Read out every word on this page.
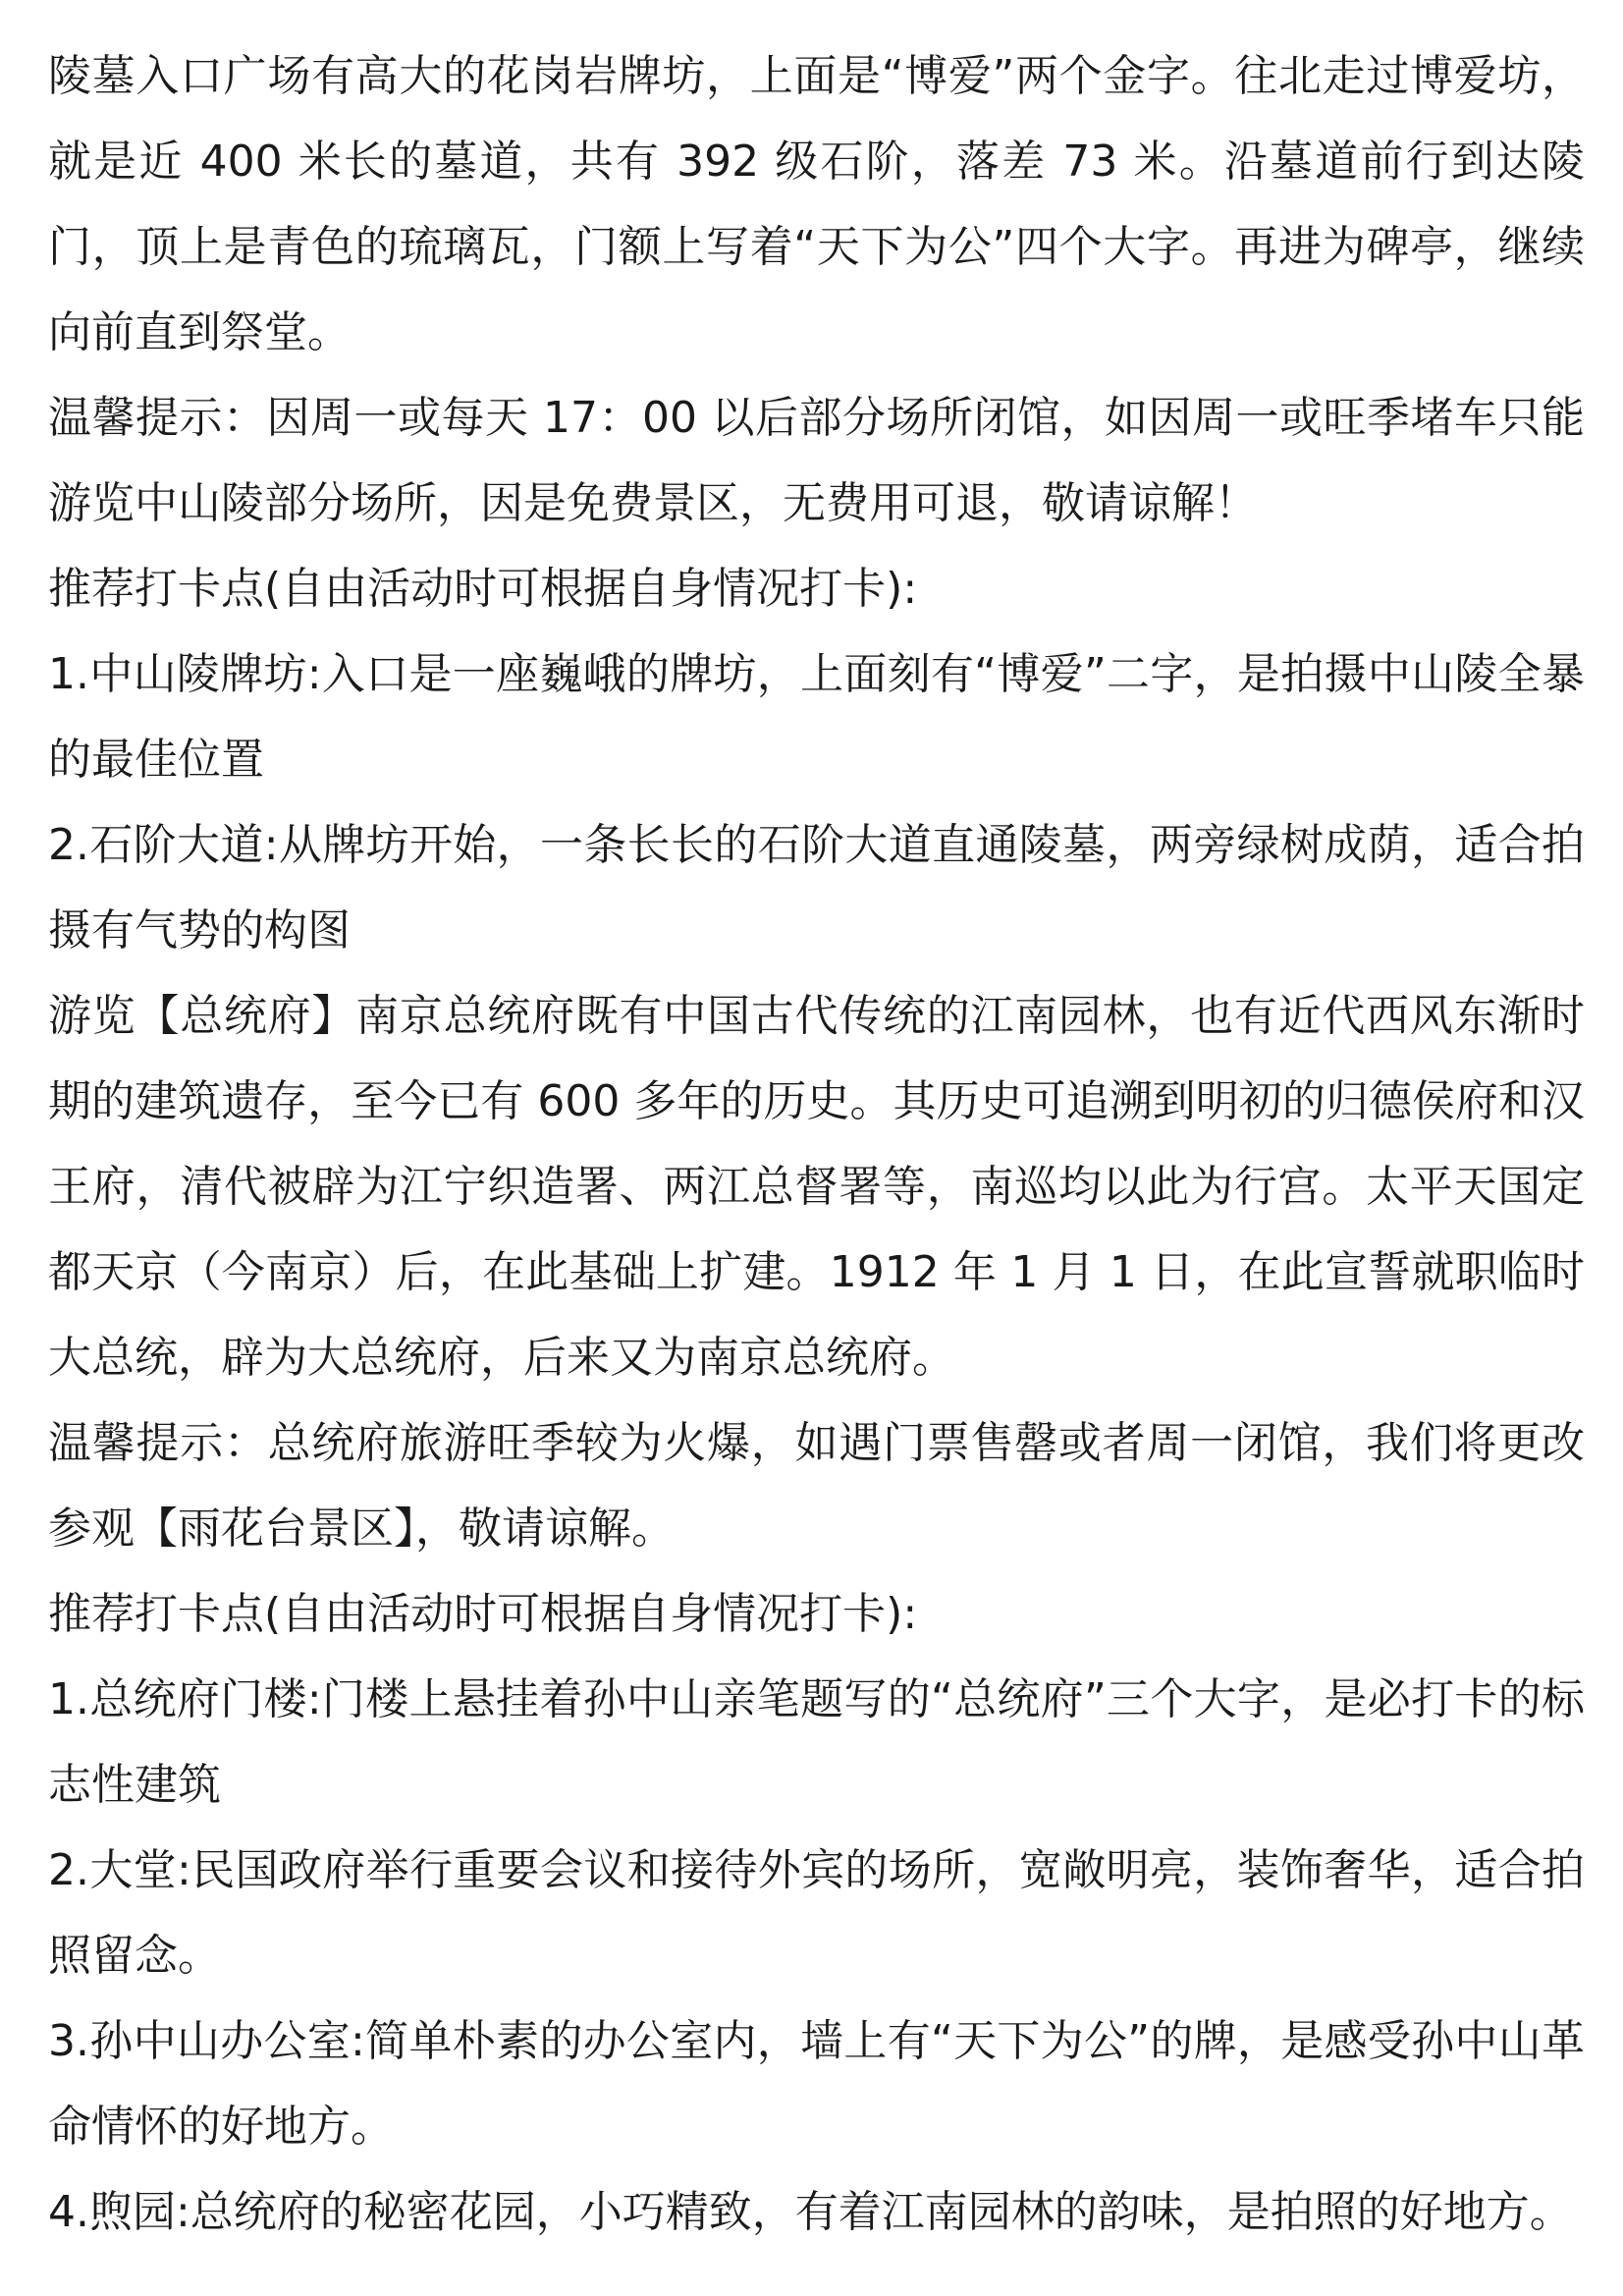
陵墓入口广场有高大的花岗岩牌坊，上面是“博爱”两个金字。往北走过博爱坊，就是近 400 米长的墓道，共有 392 级石阶，落差 73 米。沿墓道前行到达陵门，顶上是青色的琉璃瓦，门额上写着“天下为公”四个大字。再进为碑亭，继续向前直到祭堂。

温馨提示：因周一或每天 17：00 以后部分场所闭馆，如因周一或旺季堵车只能游览中山陵部分场所，因是免费景区，无费用可退，敬请谅解！

推荐打卡点(自由活动时可根据自身情况打卡):

1.中山陵牌坊:入口是一座巍峨的牌坊，上面刻有“博爱”二字，是拍摄中山陵全暴的最佳位置

2.石阶大道:从牌坊开始，一条长长的石阶大道直通陵墓，两旁绿树成荫，适合拍摄有气势的构图

游览【总统府】南京总统府既有中国古代传统的江南园林，也有近代西风东渐时期的建筑遗存，至今已有 600 多年的历史。其历史可追溯到明初的归德侯府和汉王府，清代被辟为江宁织造署、两江总督署等，南巡均以此为行宫。太平天国定都天京（今南京）后，在此基础上扩建。1912 年 1 月 1 日，在此宣誓就职临时大总统，辟为大总统府，后来又为南京总统府。

温馨提示：总统府旅游旺季较为火爆，如遇门票售罄或者周一闭馆，我们将更改参观【雨花台景区】，敬请谅解。

推荐打卡点(自由活动时可根据自身情况打卡):

1.总统府门楼:门楼上悬挂着孙中山亲笔题写的“总统府”三个大字，是必打卡的标志性建筑

2.大堂:民国政府举行重要会议和接待外宾的场所，宽敞明亮，装饰奢华，适合拍照留念。

3.孙中山办公室:简单朴素的办公室内，墙上有“天下为公”的牌，是感受孙中山革命情怀的好地方。

4.煦园:总统府的秘密花园，小巧精致，有着江南园林的韵味，是拍照的好地方。
